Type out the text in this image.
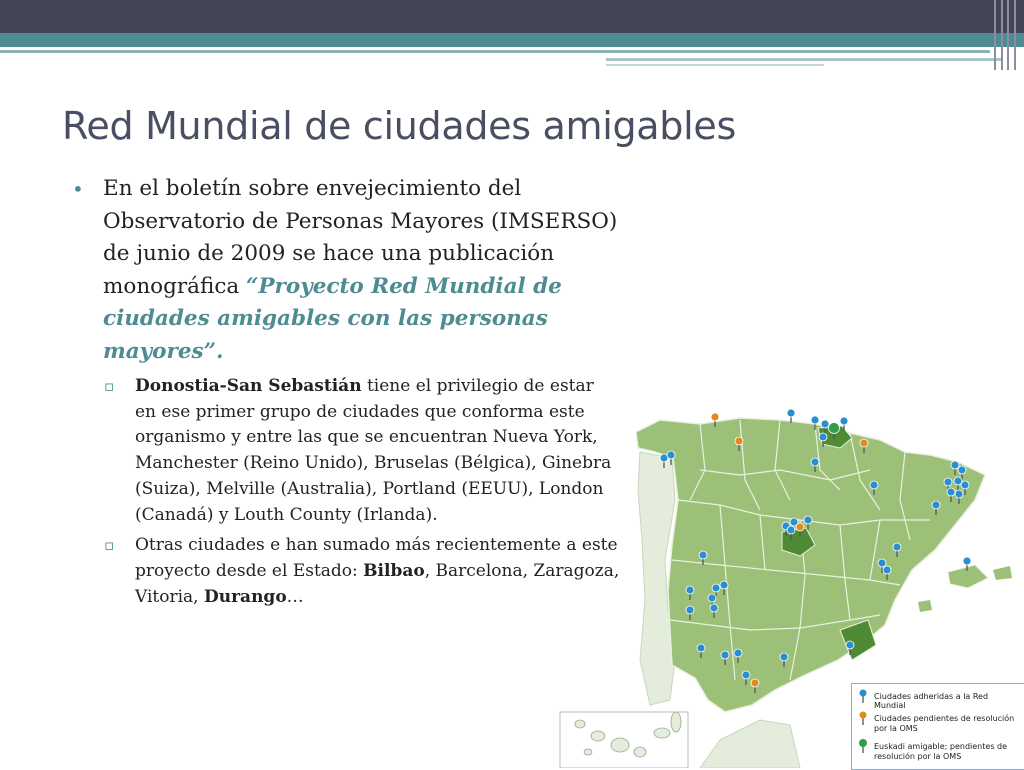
Red Mundial de ciudades amigables

• En el boletín sobre envejecimiento del Observatorio de Personas Mayores (IMSERSO) de junio de 2009 se hace una publicación monográfica “Proyecto Red Mundial de ciudades amigables con las personas mayores”.

▫ Donostia-San Sebastián tiene el privilegio de estar en ese primer grupo de ciudades que conforma este organismo y entre las que se encuentran Nueva York, Manchester (Reino Unido), Bruselas (Bélgica), Ginebra (Suiza), Melville (Australia), Portland (EEUU), London (Canadá) y Louth County (Irlanda).
▫ Otras ciudades e han sumado más recientemente a este proyecto desde el Estado: Bilbao, Barcelona, Zaragoza, Vitoria, Durango…
Ciudades adheridas a la Red Mundial
Ciudades pendientes de resolución
por la OMS
Euskadi amigable; pendientes de
resolución por la OMS
